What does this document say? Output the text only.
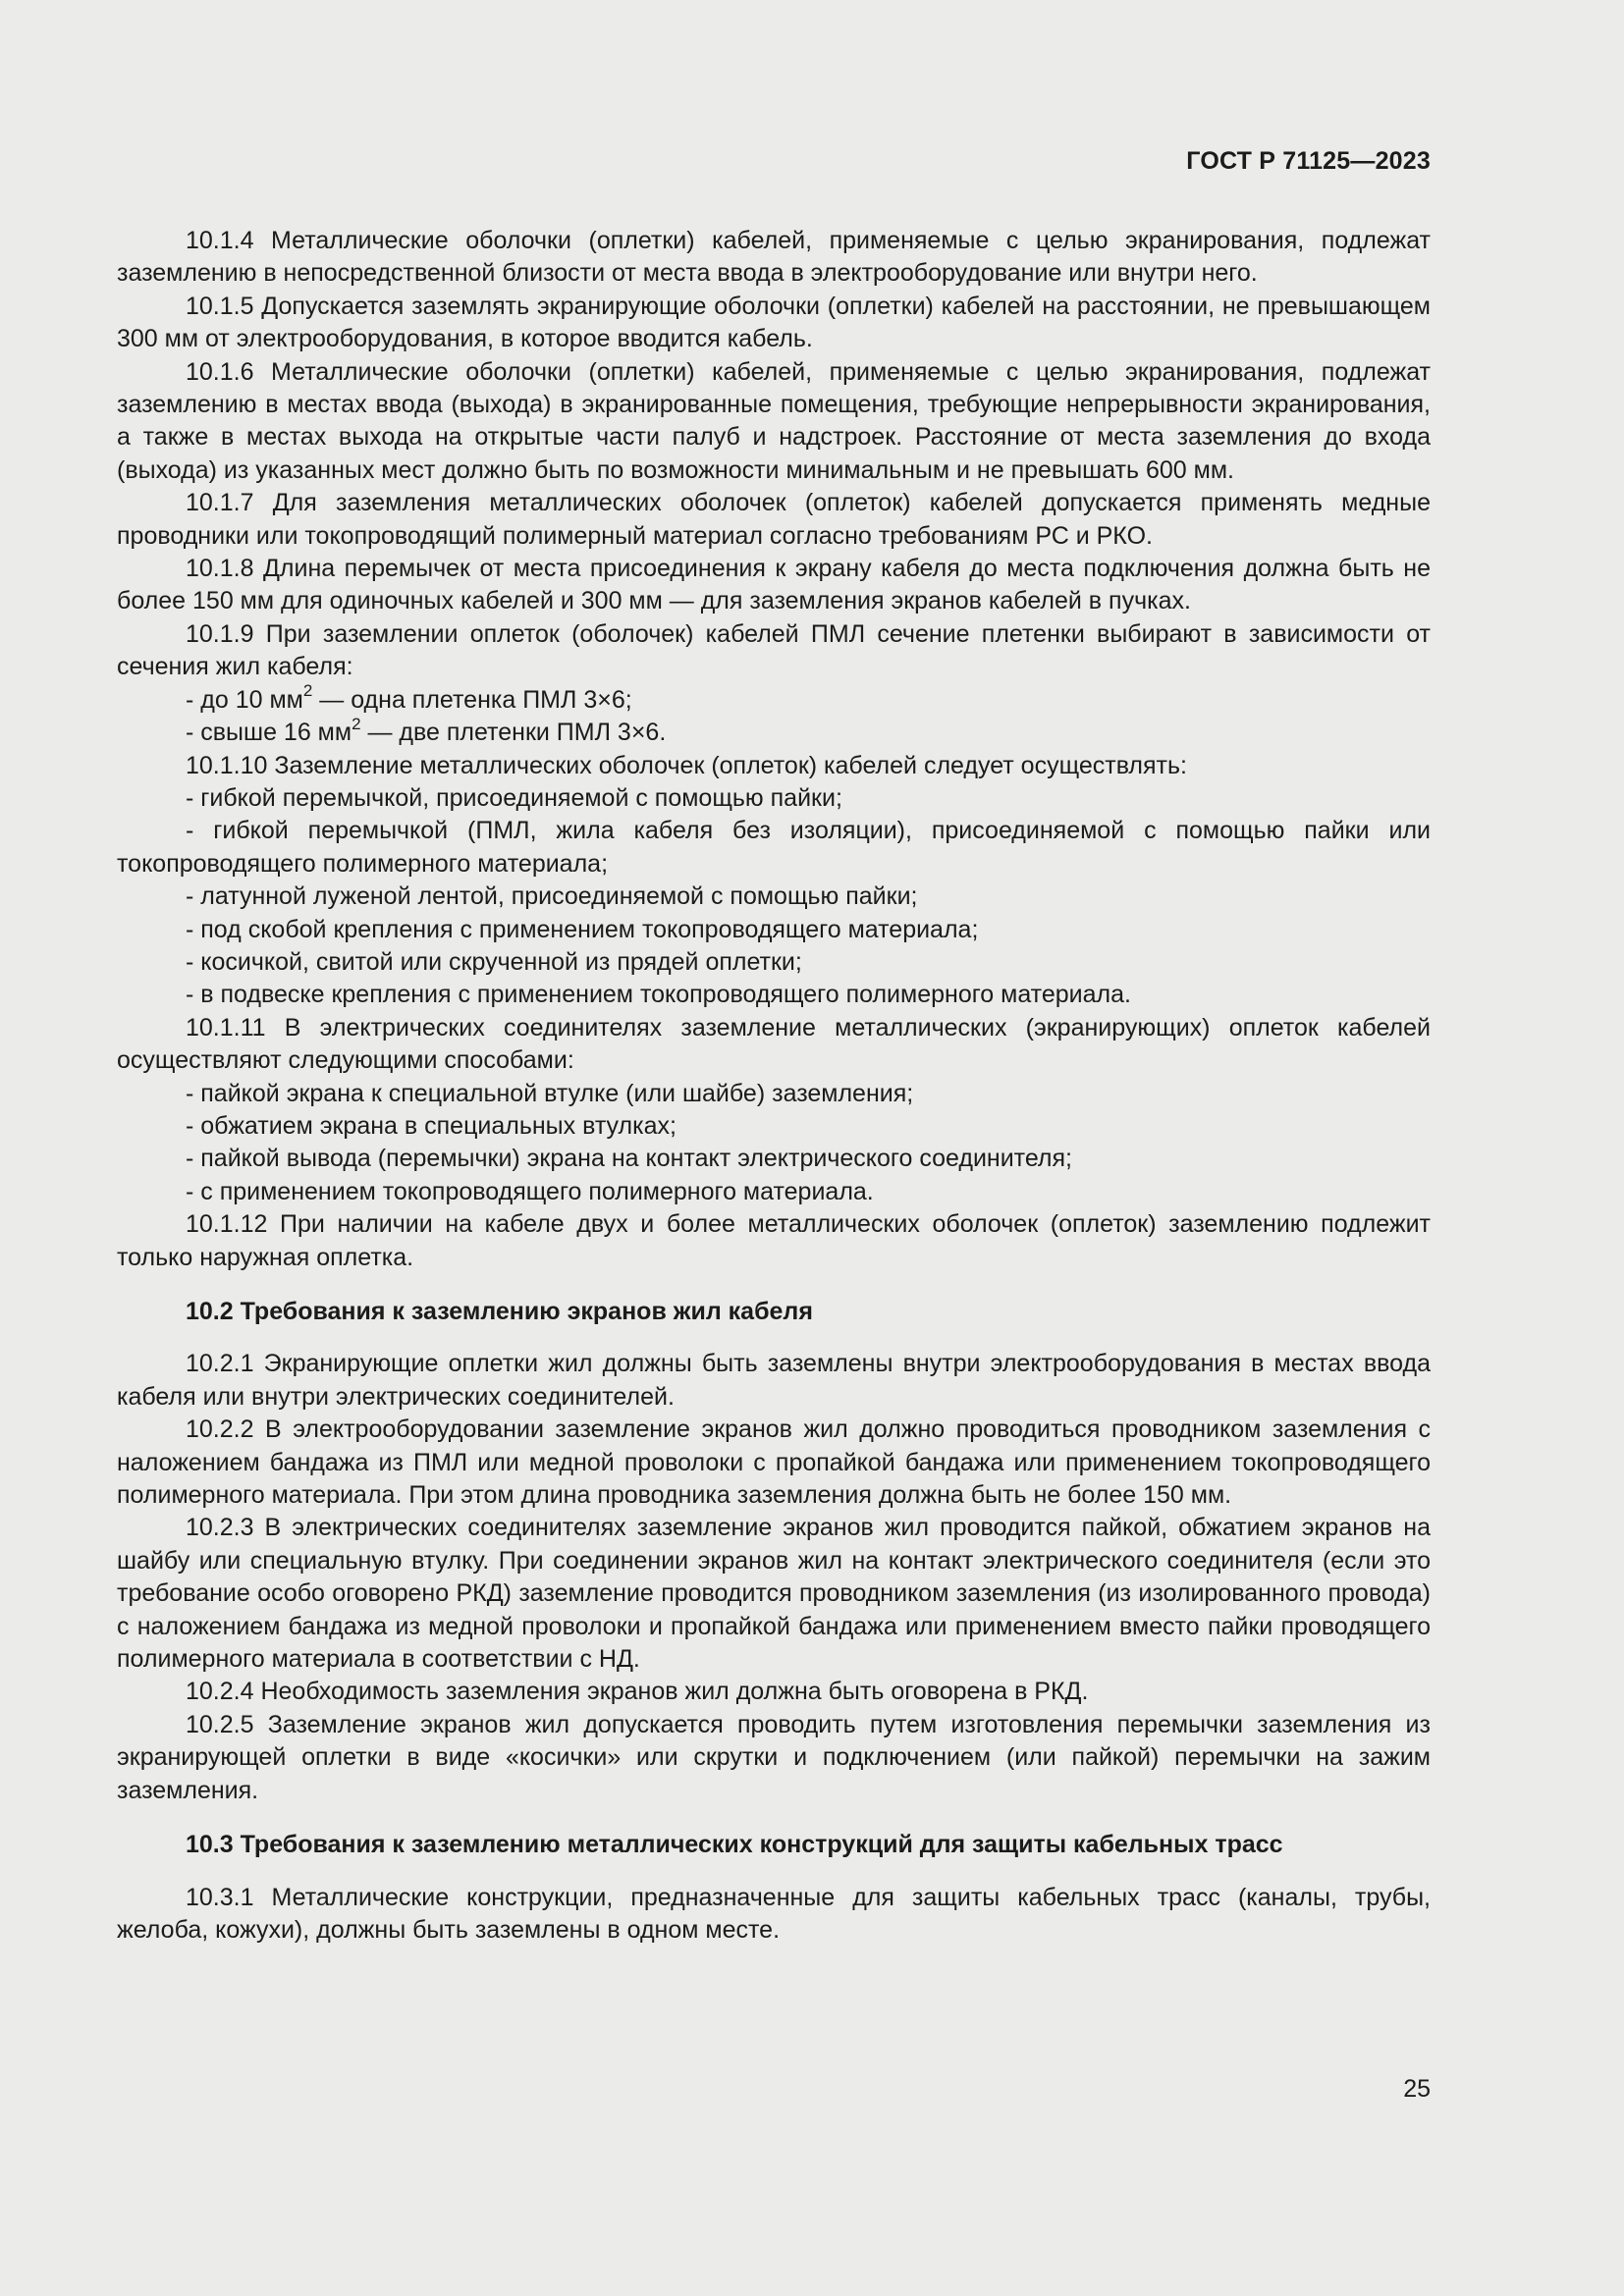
ГОСТ Р 71125—2023

10.1.4 Металлические оболочки (оплетки) кабелей, применяемые с целью экранирования, подлежат заземлению в непосредственной близости от места ввода в электрооборудование или внутри него.

10.1.5 Допускается заземлять экранирующие оболочки (оплетки) кабелей на расстоянии, не превышающем 300 мм от электрооборудования, в которое вводится кабель.

10.1.6 Металлические оболочки (оплетки) кабелей, применяемые с целью экранирования, подлежат заземлению в местах ввода (выхода) в экранированные помещения, требующие непрерывности экранирования, а также в местах выхода на открытые части палуб и надстроек. Расстояние от места заземления до входа (выхода) из указанных мест должно быть по возможности минимальным и не превышать 600 мм.

10.1.7 Для заземления металлических оболочек (оплеток) кабелей допускается применять медные проводники или токопроводящий полимерный материал согласно требованиям РС и РКО.

10.1.8 Длина перемычек от места присоединения к экрану кабеля до места подключения должна быть не более 150 мм для одиночных кабелей и 300 мм — для заземления экранов кабелей в пучках.

10.1.9 При заземлении оплеток (оболочек) кабелей ПМЛ сечение плетенки выбирают в зависимости от сечения жил кабеля:

- до 10 $мм^2$ — одна плетенка ПМЛ 3×6;

- свыше 16 $мм^2$ — две плетенки ПМЛ 3×6.

10.1.10 Заземление металлических оболочек (оплеток) кабелей следует осуществлять:

- гибкой перемычкой, присоединяемой с помощью пайки;

- гибкой перемычкой (ПМЛ, жила кабеля без изоляции), присоединяемой с помощью пайки или токопроводящего полимерного материала;

- латунной луженой лентой, присоединяемой с помощью пайки;

- под скобой крепления с применением токопроводящего материала;

- косичкой, свитой или скрученной из прядей оплетки;

- в подвеске крепления с применением токопроводящего полимерного материала.

10.1.11 В электрических соединителях заземление металлических (экранирующих) оплеток кабелей осуществляют следующими способами:

- пайкой экрана к специальной втулке (или шайбе) заземления;

- обжатием экрана в специальных втулках;

- пайкой вывода (перемычки) экрана на контакт электрического соединителя;

- с применением токопроводящего полимерного материала.

10.1.12 При наличии на кабеле двух и более металлических оболочек (оплеток) заземлению подлежит только наружная оплетка.

10.2 Требования к заземлению экранов жил кабеля

10.2.1 Экранирующие оплетки жил должны быть заземлены внутри электрооборудования в местах ввода кабеля или внутри электрических соединителей.

10.2.2 В электрооборудовании заземление экранов жил должно проводиться проводником заземления с наложением бандажа из ПМЛ или медной проволоки с пропайкой бандажа или применением токопроводящего полимерного материала. При этом длина проводника заземления должна быть не более 150 мм.

10.2.3 В электрических соединителях заземление экранов жил проводится пайкой, обжатием экранов на шайбу или специальную втулку. При соединении экранов жил на контакт электрического соединителя (если это требование особо оговорено РКД) заземление проводится проводником заземления (из изолированного провода) с наложением бандажа из медной проволоки и пропайкой бандажа или применением вместо пайки проводящего полимерного материала в соответствии с НД.

10.2.4 Необходимость заземления экранов жил должна быть оговорена в РКД.

10.2.5 Заземление экранов жил допускается проводить путем изготовления перемычки заземления из экранирующей оплетки в виде «косички» или скрутки и подключением (или пайкой) перемычки на зажим заземления.

10.3 Требования к заземлению металлических конструкций для защиты кабельных трасс

10.3.1 Металлические конструкции, предназначенные для защиты кабельных трасс (каналы, трубы, желоба, кожухи), должны быть заземлены в одном месте.

25
